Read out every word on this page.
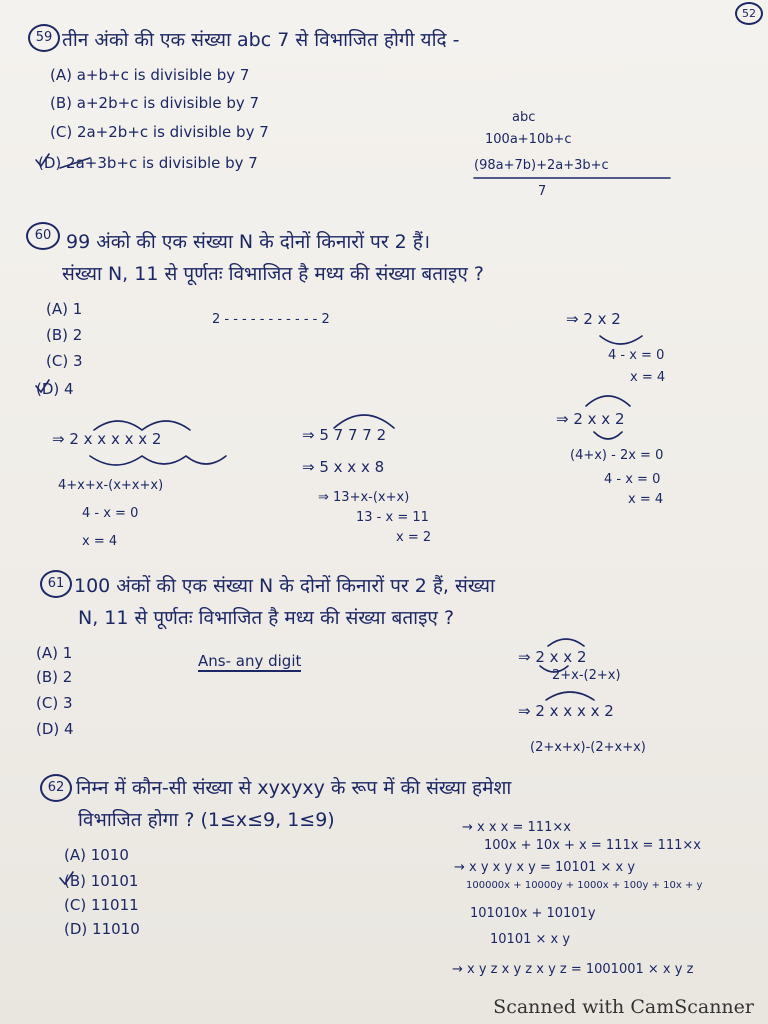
52
59 तीन अंको की एक संख्या abc 7 से विभाजित होगी यदि -
(A) a+b+c is divisible by 7
(B) a+2b+c is divisible by 7
(C) 2a+2b+c is divisible by 7
(D) 2a+3b+c is divisible by 7
abc
100a+10b+c
(98a+7b)+2a+3b+c
7
60 99 अंको की एक संख्या N के दोनों किनारों पर 2 हैं।
संख्या N, 11 से पूर्णतः विभाजित है मध्य की संख्या बताइए ?
(A) 1
(B) 2
(C) 3
(D) 4
2 - - - - - - - - - - - 2	⇒ 2 x 2
4 - x = 0
x = 4
⇒ 2 x x 2
(4+x) - 2x = 0
4 - x = 0
x = 4
⇒ 2 x x x x x 2
4+x+x-(x+x+x)
4 - x = 0
x = 4
⇒ 5 7 7 7 2
⇒ 5 x x x 8
⇒ 13+x-(x+x)
13 - x = 11
x = 2
61 100 अंकों की एक संख्या N के दोनों किनारों पर 2 हैं, संख्या
N, 11 से पूर्णतः विभाजित है मध्य की संख्या बताइए ?
(A) 1
(B) 2
(C) 3
(D) 4
Ans- any digit	⇒ 2 x x 2
2+x-(2+x)
⇒ 2 x x x x 2
(2+x+x)-(2+x+x)
62 निम्न में कौन-सी संख्या से xyxyxy के रूप में की संख्या हमेशा
विभाजित होगा ? (1≤x≤9, 1≤9)
(A) 1010
(B) 10101
(C) 11011
(D) 11010
→ x x x = 111×x
100x + 10x + x = 111x = 111×x
→ x y x y x y = 10101 × x y
100000x + 10000y + 1000x + 100y + 10x + y
101010x + 10101y
10101 × x y
→ x y z x y z x y z = 1001001 × x y z
Scanned with CamScanner
